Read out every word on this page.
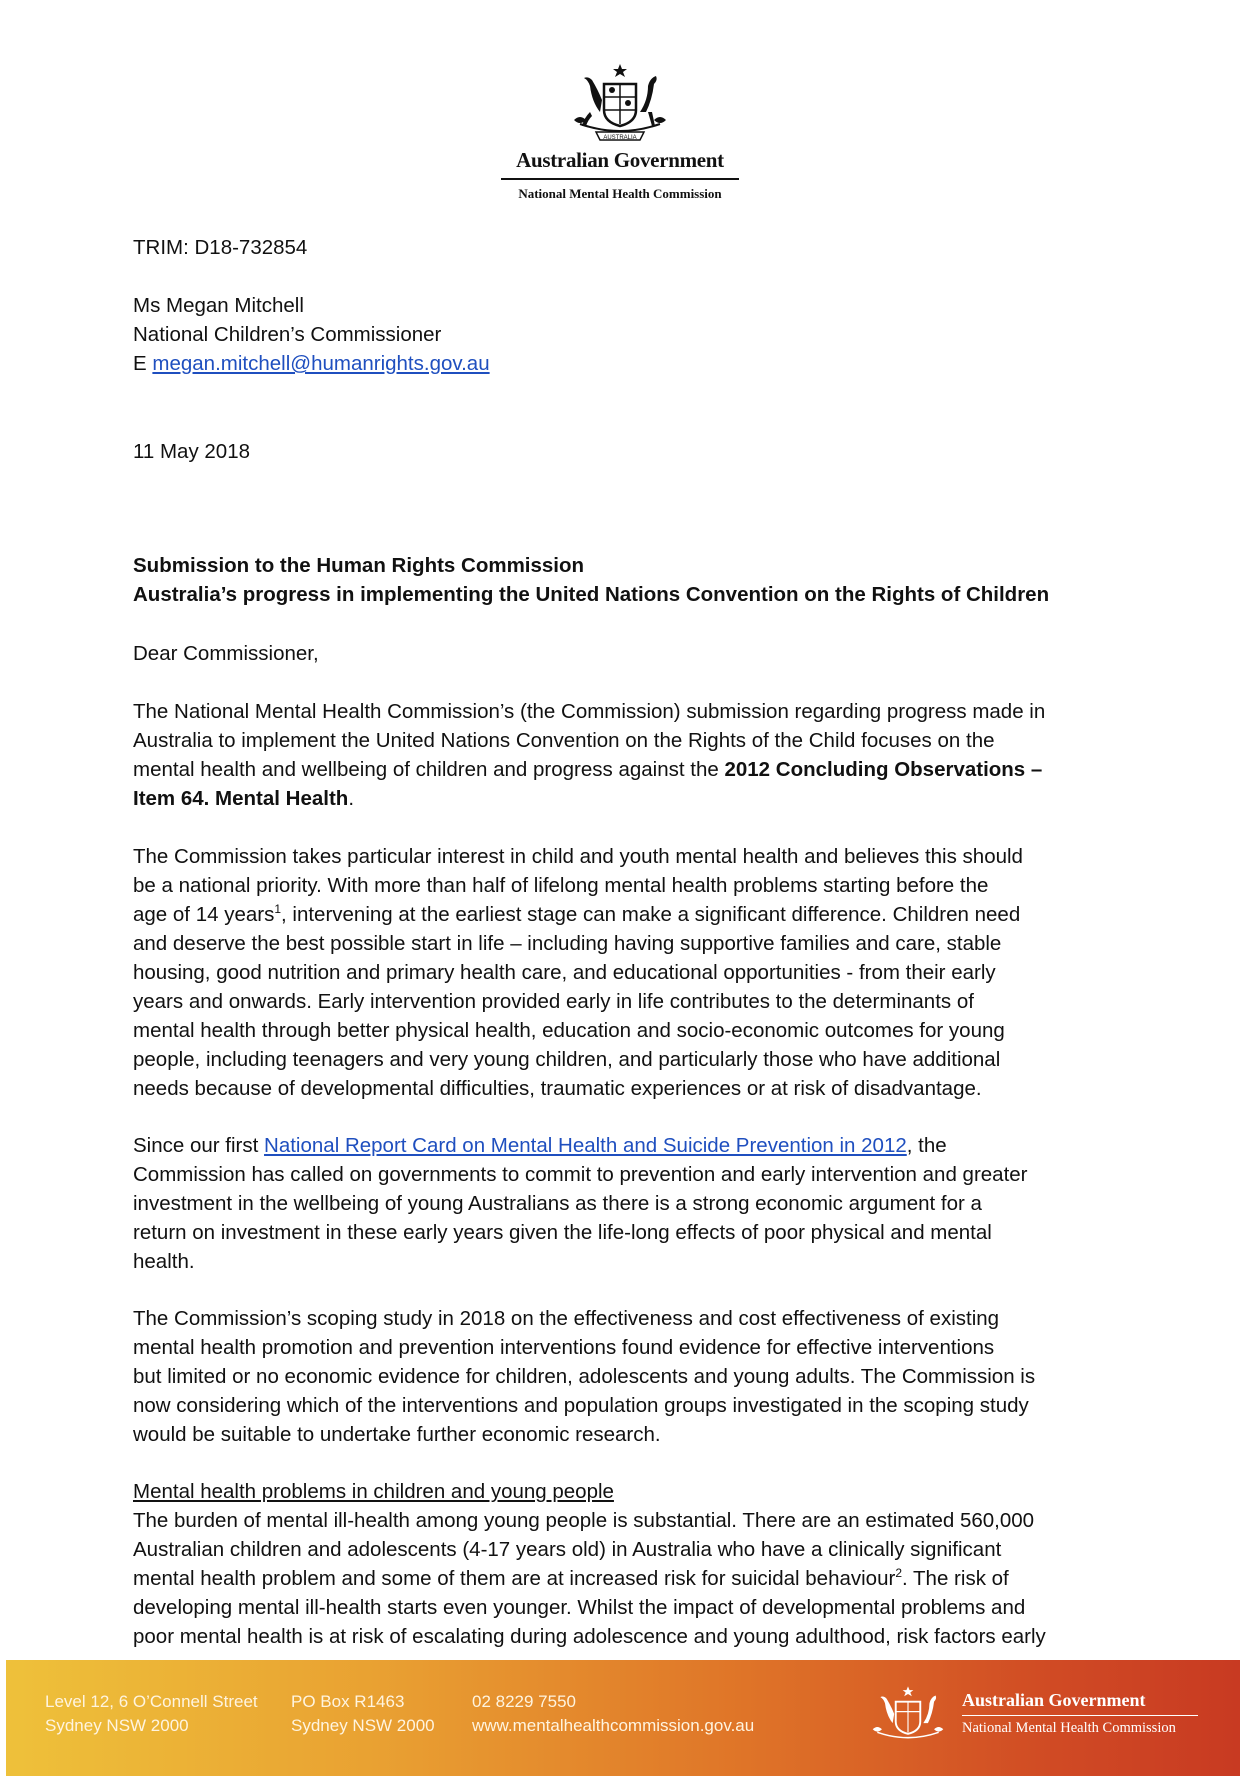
AUSTRALIA
Australian Government
National Mental Health Commission
TRIM: D18-732854
Ms Megan Mitchell
National Children’s Commissioner
E megan.mitchell@humanrights.gov.au
11 May 2018
Submission to the Human Rights Commission
Australia’s progress in implementing the United Nations Convention on the Rights of Children
Dear Commissioner,
The National Mental Health Commission’s (the Commission) submission regarding progress made in
Australia to implement the United Nations Convention on the Rights of the Child focuses on the
mental health and wellbeing of children and progress against the 2012 Concluding Observations –
Item 64. Mental Health.
The Commission takes particular interest in child and youth mental health and believes this should
be a national priority. With more than half of lifelong mental health problems starting before the
age of 14 years$^1$, intervening at the earliest stage can make a significant difference. Children need
and deserve the best possible start in life – including having supportive families and care, stable
housing, good nutrition and primary health care, and educational opportunities - from their early
years and onwards. Early intervention provided early in life contributes to the determinants of
mental health through better physical health, education and socio-economic outcomes for young
people, including teenagers and very young children, and particularly those who have additional
needs because of developmental difficulties, traumatic experiences or at risk of disadvantage.
Since our first National Report Card on Mental Health and Suicide Prevention in 2012, the
Commission has called on governments to commit to prevention and early intervention and greater
investment in the wellbeing of young Australians as there is a strong economic argument for a
return on investment in these early years given the life-long effects of poor physical and mental
health.
The Commission’s scoping study in 2018 on the effectiveness and cost effectiveness of existing
mental health promotion and prevention interventions found evidence for effective interventions
but limited or no economic evidence for children, adolescents and young adults. The Commission is
now considering which of the interventions and population groups investigated in the scoping study
would be suitable to undertake further economic research.
Mental health problems in children and young people
The burden of mental ill-health among young people is substantial. There are an estimated 560,000
Australian children and adolescents (4-17 years old) in Australia who have a clinically significant
mental health problem and some of them are at increased risk for suicidal behaviour$^2$. The risk of
developing mental ill-health starts even younger. Whilst the impact of developmental problems and
poor mental health is at risk of escalating during adolescence and young adulthood, risk factors early
Level 12, 6 O’Connell Street
Sydney NSW 2000
PO Box R1463
Sydney NSW 2000
02 8229 7550
www.mentalhealthcommission.gov.au
Australian Government
National Mental Health Commission
